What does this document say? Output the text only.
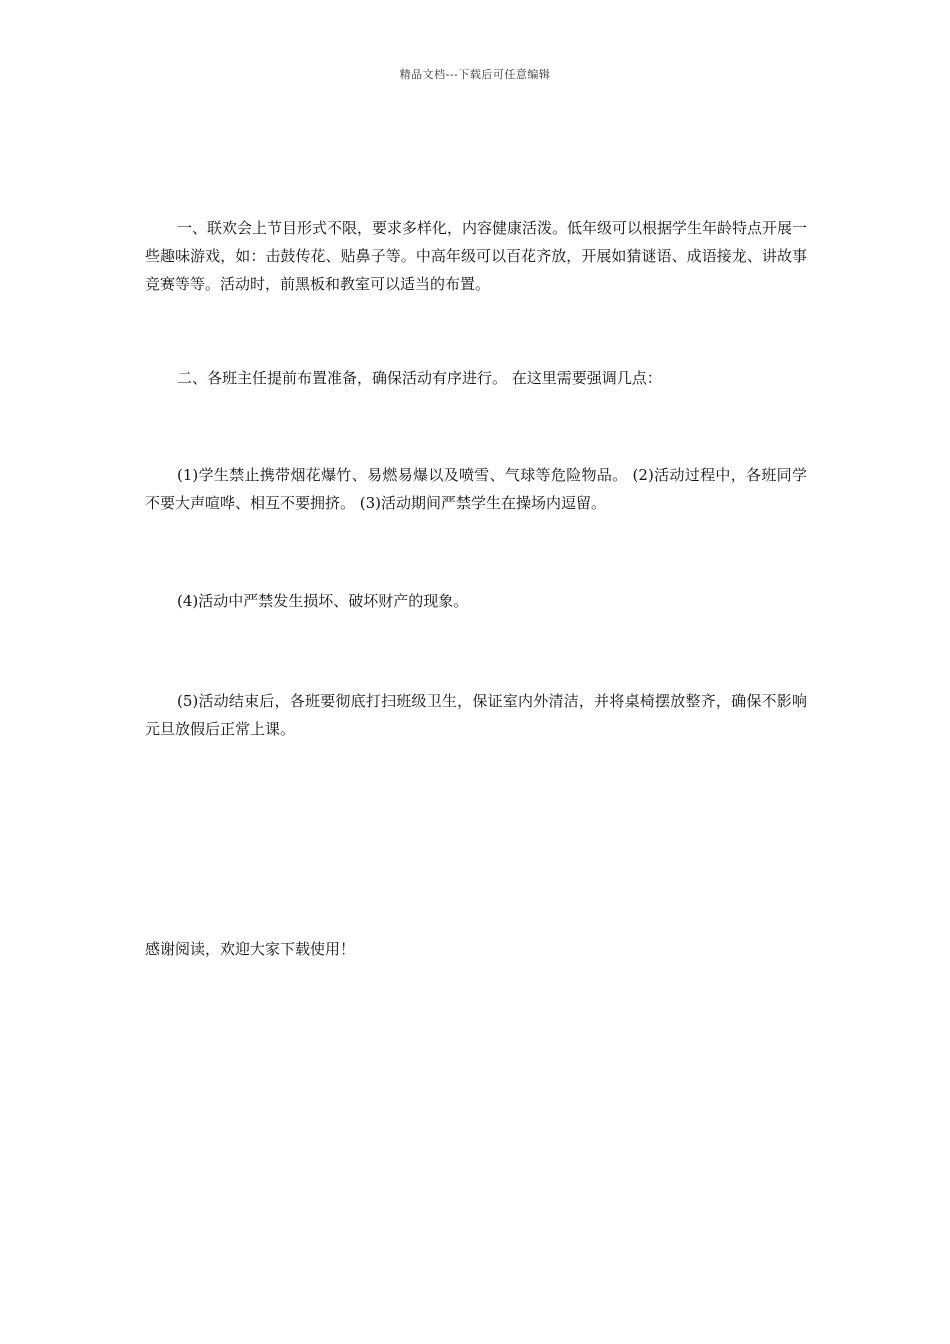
精品文档---下载后可任意编辑

一、联欢会上节目形式不限，要求多样化，内容健康活泼。低年级可以根据学生年龄特点开展一些趣味游戏，如：击鼓传花、贴鼻子等。中高年级可以百花齐放，开展如猜谜语、成语接龙、讲故事竞赛等等。活动时，前黑板和教室可以适当的布置。

二、各班主任提前布置准备，确保活动有序进行。 在这里需要强调几点：

(1)学生禁止携带烟花爆竹、易燃易爆以及喷雪、气球等危险物品。 (2)活动过程中，各班同学不要大声喧哗、相互不要拥挤。 (3)活动期间严禁学生在操场内逗留。

(4)活动中严禁发生损坏、破坏财产的现象。

(5)活动结束后，各班要彻底打扫班级卫生，保证室内外清洁，并将桌椅摆放整齐，确保不影响元旦放假后正常上课。

感谢阅读，欢迎大家下载使用！
